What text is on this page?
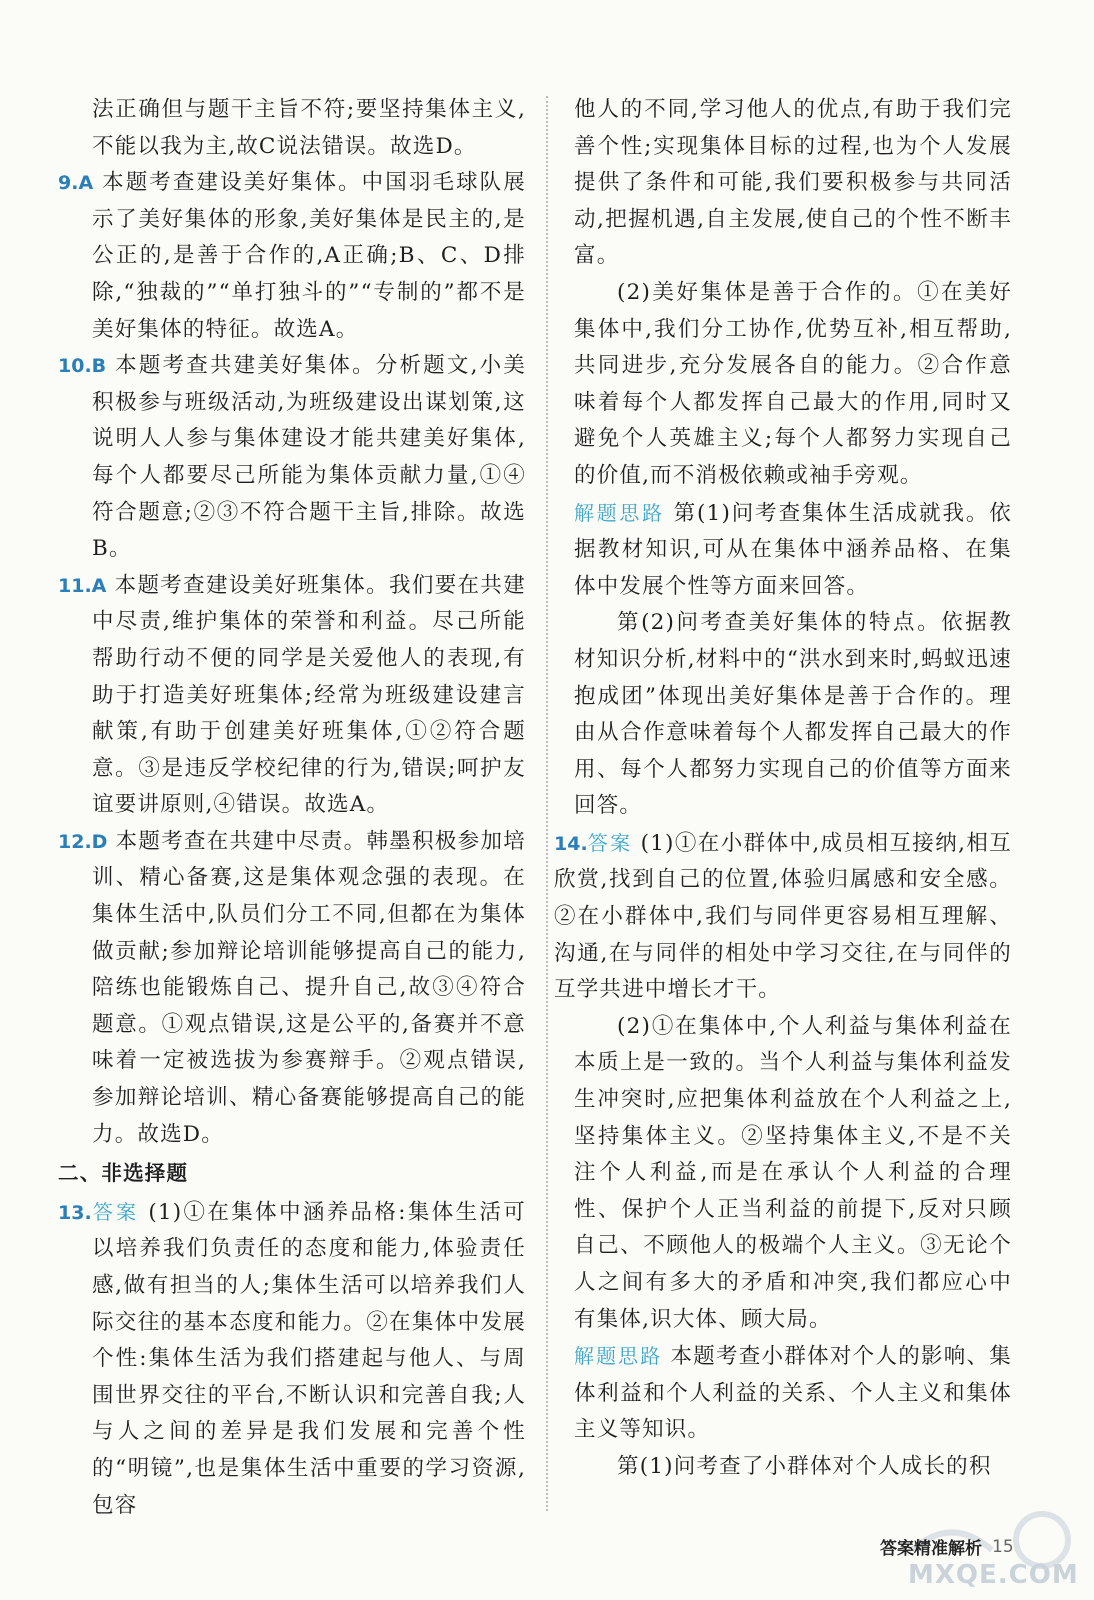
法正确但与题干主旨不符;要坚持集体主义,不能以我为主,故C说法错误。故选D。

9.A 本题考查建设美好集体。中国羽毛球队展示了美好集体的形象,美好集体是民主的,是公正的,是善于合作的,A正确;B、C、D排除,“独裁的”“单打独斗的”“专制的”都不是美好集体的特征。故选A。

10.B 本题考查共建美好集体。分析题文,小美积极参与班级活动,为班级建设出谋划策,这说明人人参与集体建设才能共建美好集体,每个人都要尽己所能为集体贡献力量,①④符合题意;②③不符合题干主旨,排除。故选B。

11.A 本题考查建设美好班集体。我们要在共建中尽责,维护集体的荣誉和利益。尽己所能帮助行动不便的同学是关爱他人的表现,有助于打造美好班集体;经常为班级建设建言献策,有助于创建美好班集体,①②符合题意。③是违反学校纪律的行为,错误;呵护友谊要讲原则,④错误。故选A。

12.D 本题考查在共建中尽责。韩墨积极参加培训、精心备赛,这是集体观念强的表现。在集体生活中,队员们分工不同,但都在为集体做贡献;参加辩论培训能够提高自己的能力,陪练也能锻炼自己、提升自己,故③④符合题意。①观点错误,这是公平的,备赛并不意味着一定被选拔为参赛辩手。②观点错误,参加辩论培训、精心备赛能够提高自己的能力。故选D。

二、非选择题

13.答案 (1)①在集体中涵养品格:集体生活可以培养我们负责任的态度和能力,体验责任感,做有担当的人;集体生活可以培养我们人际交往的基本态度和能力。②在集体中发展个性:集体生活为我们搭建起与他人、与周围世界交往的平台,不断认识和完善自我;人与人之间的差异是我们发展和完善个性的“明镜”,也是集体生活中重要的学习资源,包容

他人的不同,学习他人的优点,有助于我们完善个性;实现集体目标的过程,也为个人发展提供了条件和可能,我们要积极参与共同活动,把握机遇,自主发展,使自己的个性不断丰富。

(2)美好集体是善于合作的。①在美好集体中,我们分工协作,优势互补,相互帮助,共同进步,充分发展各自的能力。②合作意味着每个人都发挥自己最大的作用,同时又避免个人英雄主义;每个人都努力实现自己的价值,而不消极依赖或袖手旁观。

解题思路 第(1)问考查集体生活成就我。依据教材知识,可从在集体中涵养品格、在集体中发展个性等方面来回答。

第(2)问考查美好集体的特点。依据教材知识分析,材料中的“洪水到来时,蚂蚁迅速抱成团”体现出美好集体是善于合作的。理由从合作意味着每个人都发挥自己最大的作用、每个人都努力实现自己的价值等方面来回答。

14.答案 (1)①在小群体中,成员相互接纳,相互欣赏,找到自己的位置,体验归属感和安全感。②在小群体中,我们与同伴更容易相互理解、沟通,在与同伴的相处中学习交往,在与同伴的互学共进中增长才干。

(2)①在集体中,个人利益与集体利益在本质上是一致的。当个人利益与集体利益发生冲突时,应把集体利益放在个人利益之上,坚持集体主义。②坚持集体主义,不是不关注个人利益,而是在承认个人利益的合理性、保护个人正当利益的前提下,反对只顾自己、不顾他人的极端个人主义。③无论个人之间有多大的矛盾和冲突,我们都应心中有集体,识大体、顾大局。

解题思路 本题考查小群体对个人的影响、集体利益和个人利益的关系、个人主义和集体主义等知识。

第(1)问考查了小群体对个人成长的积

MXQE.COM
答案精准解析 15
